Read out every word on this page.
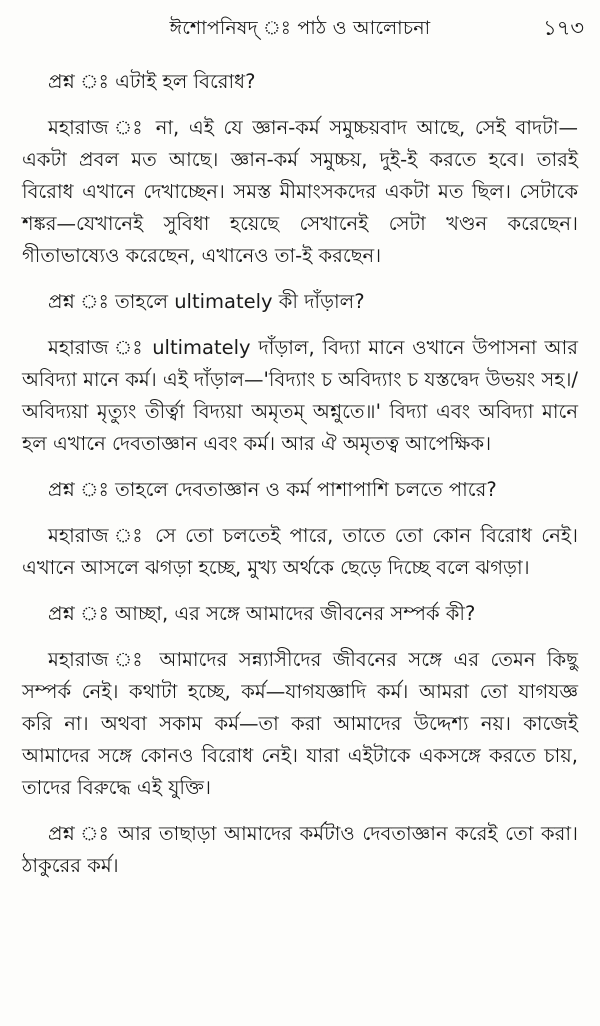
ঈশোপনিষদ্‌ ঃ পাঠ ও আলোচনা	১৭৩

প্রশ্ন ঃ এটাই হল বিরোধ?

মহারাজ ঃ না, এই যে জ্ঞান-কর্ম সমুচ্চয়বাদ আছে, সেই বাদটা—একটা প্রবল মত আছে। জ্ঞান-কর্ম সমুচ্চয়, দুই-ই করতে হবে। তারই বিরোধ এখানে দেখাচ্ছেন। সমস্ত মীমাংসকদের একটা মত ছিল। সেটাকে শঙ্কর—যেখানেই সুবিধা হয়েছে সেখানেই সেটা খণ্ডন করেছেন। গীতাভাষ্যেও করেছেন, এখানেও তা-ই করছেন।

প্রশ্ন ঃ তাহলে ultimately কী দাঁড়াল?

মহারাজ ঃ ultimately দাঁড়াল, বিদ্যা মানে ওখানে উপাসনা আর অবিদ্যা মানে কর্ম। এই দাঁড়াল—'বিদ্যাং চ অবিদ্যাং চ যস্তদ্বেদ উভয়ং সহ।/অবিদ্যয়া মৃত্যুং তীর্ত্বা বিদ্যয়া অমৃতম্ অশ্নুতে॥' বিদ্যা এবং অবিদ্যা মানে হল এখানে দেবতাজ্ঞান এবং কর্ম। আর ঐ অমৃতত্ব আপেক্ষিক।

প্রশ্ন ঃ তাহলে দেবতাজ্ঞান ও কর্ম পাশাপাশি চলতে পারে?

মহারাজ ঃ সে তো চলতেই পারে, তাতে তো কোন বিরোধ নেই। এখানে আসলে ঝগড়া হচ্ছে, মুখ্য অর্থকে ছেড়ে দিচ্ছে বলে ঝগড়া।

প্রশ্ন ঃ আচ্ছা, এর সঙ্গে আমাদের জীবনের সম্পর্ক কী?

মহারাজ ঃ আমাদের সন্ন্যাসীদের জীবনের সঙ্গে এর তেমন কিছু সম্পর্ক নেই। কথাটা হচ্ছে, কর্ম—যাগযজ্ঞাদি কর্ম। আমরা তো যাগযজ্ঞ করি না। অথবা সকাম কর্ম—তা করা আমাদের উদ্দেশ্য নয়। কাজেই আমাদের সঙ্গে কোনও বিরোধ নেই। যারা এইটাকে একসঙ্গে করতে চায়, তাদের বিরুদ্ধে এই যুক্তি।

প্রশ্ন ঃ আর তাছাড়া আমাদের কর্মটাও দেবতাজ্ঞান করেই তো করা। ঠাকুরের কর্ম।
